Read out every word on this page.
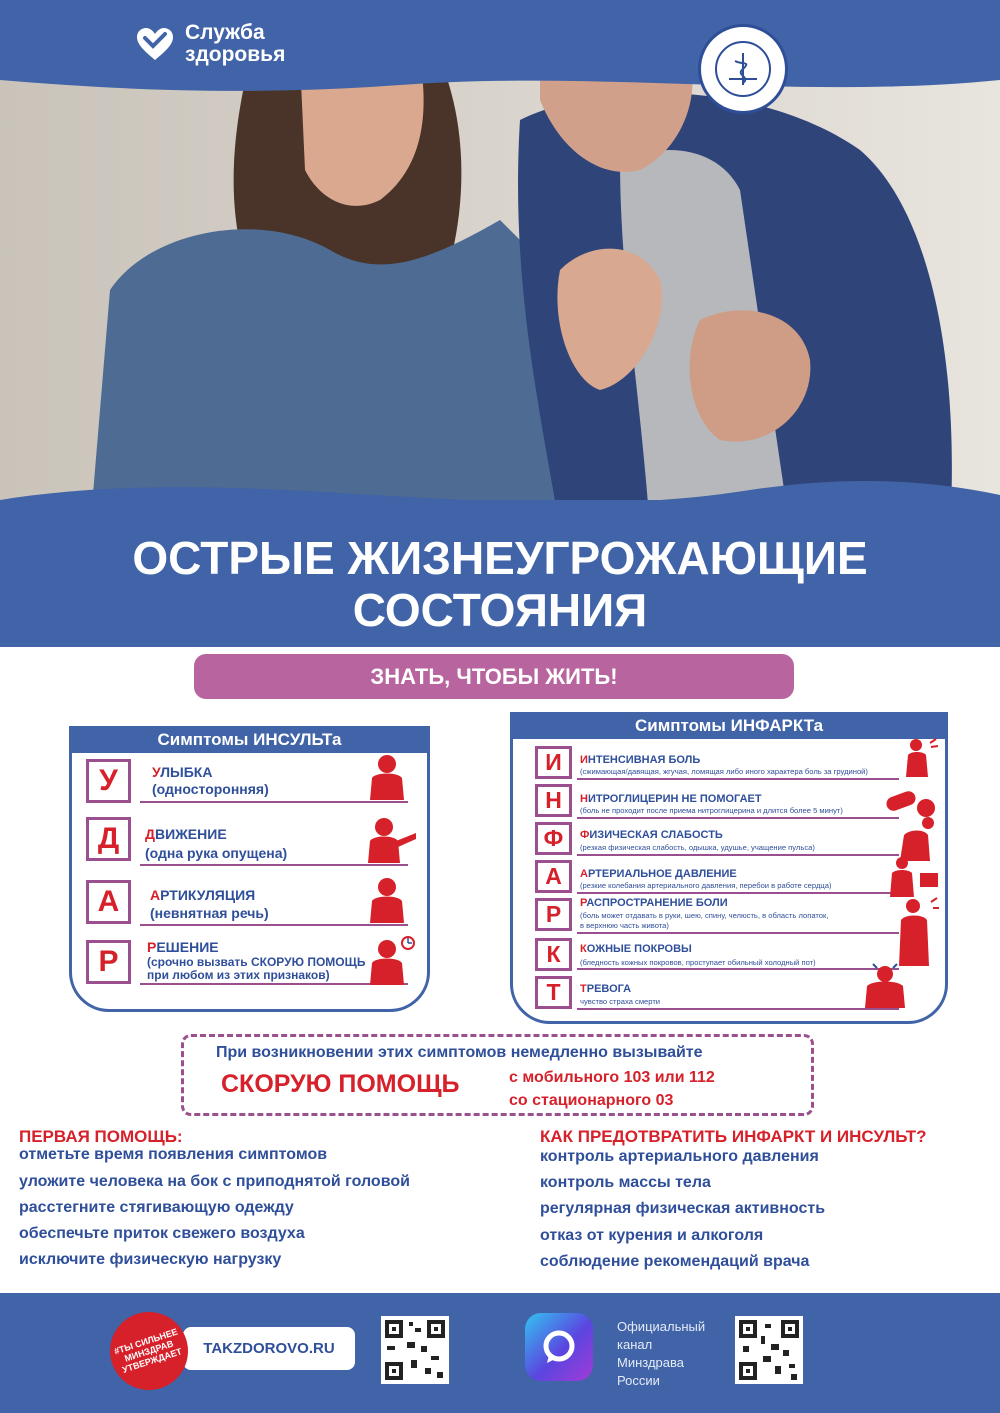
Служба
здоровья
ОСТРЫЕ ЖИЗНЕУГРОЖАЮЩИЕ
СОСТОЯНИЯ
ЗНАТЬ, ЧТОБЫ ЖИТЬ!
Симптомы ИНСУЛЬТа
У	УЛЫБКА
(односторонняя)
Д	ДВИЖЕНИЕ
(одна рука опущена)
А	АРТИКУЛЯЦИЯ
(невнятная речь)
Р	РЕШЕНИЕ
(срочно вызвать СКОРУЮ ПОМОЩЬ
при любом из этих признаков)
Симптомы ИНФАРКТа
И	ИНТЕНСИВНАЯ БОЛЬ
(сжимающая/давящая, жгучая, ломящая либо иного характера боль за грудиной)
Н	НИТРОГЛИЦЕРИН НЕ ПОМОГАЕТ
(боль не проходит после приема нитроглицерина и длится более 5 минут)
Ф	ФИЗИЧЕСКАЯ СЛАБОСТЬ
(резкая физическая слабость, одышка, удушье, учащение пульса)
А	АРТЕРИАЛЬНОЕ ДАВЛЕНИЕ
(резкие колебания артериального давления, перебои в работе сердца)
Р	РАСПРОСТРАНЕНИЕ БОЛИ
(боль может отдавать в руки, шею, спину, челюсть, в область лопаток,
в верхнюю часть живота)
К	КОЖНЫЕ ПОКРОВЫ
(бледность кожных покровов, проступает обильный холодный пот)
Т	ТРЕВОГА
чувство страха смерти
При возникновении этих симптомов немедленно вызывайте
СКОРУЮ ПОМОЩЬ	с мобильного 103 или 112
со стационарного 03
ПЕРВАЯ ПОМОЩЬ:
отметьте время появления симптомов
уложите человека на бок с приподнятой головой
расстегните стягивающую одежду
обеспечьте приток свежего воздуха
исключите физическую нагрузку
КАК ПРЕДОТВРАТИТЬ ИНФАРКТ И ИНСУЛЬТ?
контроль артериального давления
контроль массы тела
регулярная физическая активность
отказ от курения и алкоголя
соблюдение рекомендаций врача
TAKZDOROVO.RU
#ТЫ СИЛЬНЕЕ МИНЗДРАВ УТВЕРЖДАЕТ
Официальный
канал
Минздрава
России
